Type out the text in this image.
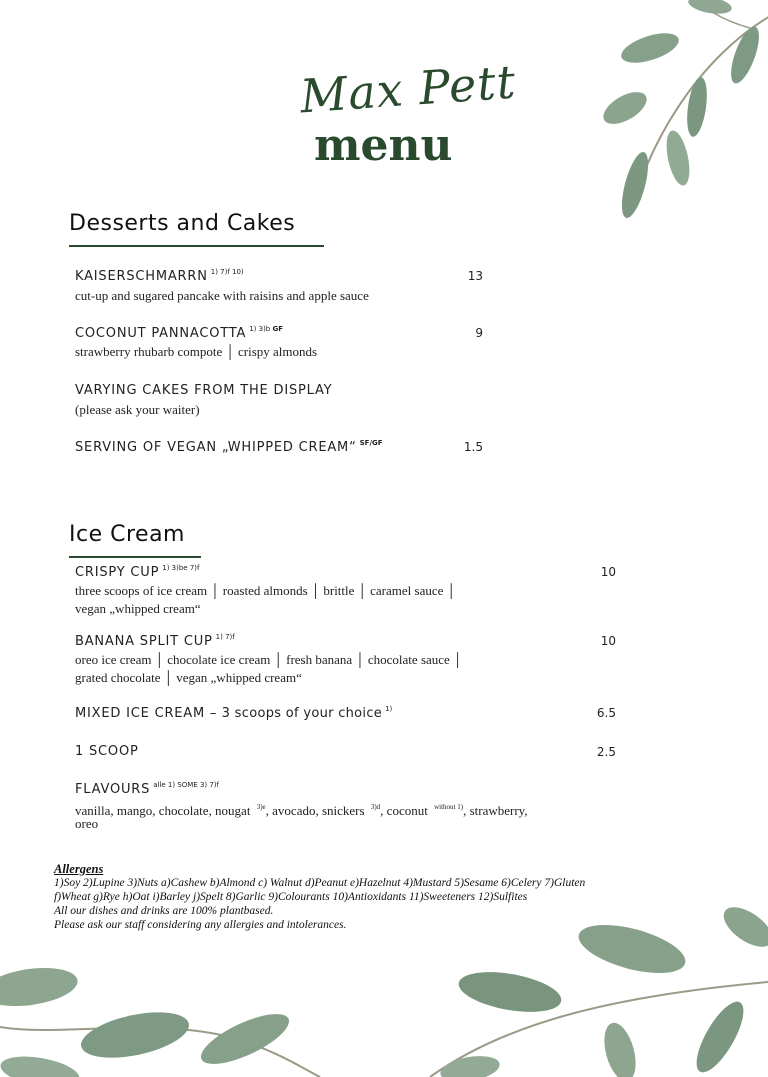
Max Pett
menu
Desserts and Cakes
KAISERSCHMARRN $^{1) 7)f 10)}$	13
cut-up and sugared pancake with raisins and apple sauce
COCONUT PANNACOTTA $^{1) 3)b GF}$	9
strawberry rhubarb compote │ crispy almonds
VARYING CAKES FROM THE DISPLAY
(please ask your waiter)
SERVING OF VEGAN „WHIPPED CREAM“ $^{SF/GF}$	1.5
Ice Cream
CRISPY CUP $^{1) 3)be 7)f}$	10
three scoops of ice cream │ roasted almonds │ brittle │ caramel sauce │
vegan „whipped cream“
BANANA SPLIT CUP $^{1) 7)f}$	10
oreo ice cream │ chocolate ice cream │ fresh banana │ chocolate sauce │
grated chocolate │ vegan „whipped cream“
MIXED ICE CREAM – 3 scoops of your choice $^{1)}$	6.5
1 SCOOP	2.5
FLAVOURS $^{alle 1) SOME 3) 7)f}$
vanilla, mango, chocolate, nougat $^{3)e}$, avocado, snickers $^{3)d}$, coconut $^{without 1)}$, strawberry,
oreo
Allergens
1)Soy 2)Lupine 3)Nuts a)Cashew b)Almond c) Walnut d)Peanut e)Hazelnut 4)Mustard 5)Sesame 6)Celery 7)Gluten
f)Wheat g)Rye h)Oat i)Barley j)Spelt 8)Garlic 9)Colourants 10)Antioxidants 11)Sweeteners 12)Sulfites
All our dishes and drinks are 100% plantbased.
Please ask our staff considering any allergies and intolerances.
